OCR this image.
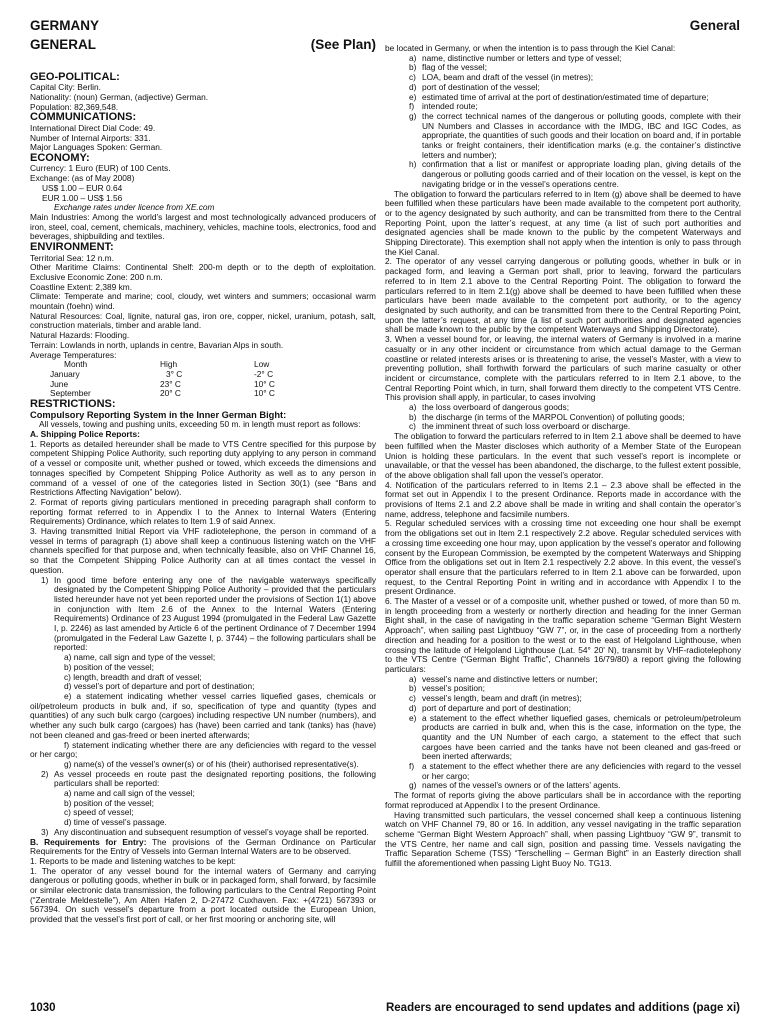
GERMANY	General
GENERAL	(See Plan)
GEO-POLITICAL:

Capital City: Berlin.

Nationality: (noun) German, (adjective) German.

Population: 82,369,548.

COMMUNICATIONS:

International Direct Dial Code: 49.

Number of Internal Airports: 331.

Major Languages Spoken: German.

ECONOMY:

Currency: 1 Euro (EUR) of 100 Cents.

Exchange: (as of May 2008)

US$ 1.00 – EUR 0.64

EUR 1.00 – US$ 1.56

Exchange rates under licence from XE.com

Main Industries: Among the world’s largest and most technologically advanced producers of iron, steel, coal, cement, chemicals, machinery, vehicles, machine tools, electronics, food and beverages, shipbuilding and textiles.

ENVIRONMENT:

Territorial Sea: 12 n.m.

Other Maritime Claims: Continental Shelf: 200-m depth or to the depth of exploitation. Exclusive Economic Zone: 200 n.m.

Coastline Extent: 2,389 km.

Climate: Temperate and marine; cool, cloudy, wet winters and summers; occasional warm mountain (foehn) wind.

Natural Resources: Coal, lignite, natural gas, iron ore, copper, nickel, uranium, potash, salt, construction materials, timber and arable land.

Natural Hazards: Flooding.

Terrain: Lowlands in north, uplands in centre, Bavarian Alps in south.

Average Temperatures:

Month	High	Low
January	3° C	-2° C
June	23° C	10° C
September	20° C	10° C
RESTRICTIONS:

Compulsory Reporting System in the Inner German Bight:

All vessels, towing and pushing units, exceeding 50 m. in length must report as follows:

A. Shipping Police Reports:

1. Reports as detailed hereunder shall be made to VTS Centre specified for this purpose by competent Shipping Police Authority, such reporting duty applying to any person in command of a vessel or composite unit, whether pushed or towed, which exceeds the dimensions and tonnages specified by Competent Shipping Police Authority as well as to any person in command of a vessel of one of the categories listed in Section 30(1) (see “Bans and Restrictions Affecting Navigation” below).

2. Format of reports giving particulars mentioned in preceding paragraph shall conform to reporting format referred to in Appendix I to the Annex to Internal Waters (Entering Requirements) Ordinance, which relates to Item 1.9 of said Annex.

3. Having transmitted Initial Report via VHF radiotelephone, the person in command of a vessel in terms of paragraph (1) above shall keep a continuous listening watch on the VHF channels specified for that purpose and, when technically feasible, also on VHF Channel 16, so that the Competent Shipping Police Authority can at all times contact the vessel in question.

1) In good time before entering any one of the navigable waterways specifically designated by the Competent Shipping Police Authority – provided that the particulars listed hereunder have not yet been reported under the provisions of Section 1(1) above in conjunction with Item 2.6 of the Annex to the Internal Waters (Entering Requirements) Ordinance of 23 August 1994 (promulgated in the Federal Law Gazette I, p. 2246) as last amended by Article 6 of the pertinent Ordinance of 7 December 1994 (promulgated in the Federal Law Gazette I, p. 3744) – the following particulars shall be reported:

a) name, call sign and type of the vessel;

b) position of the vessel;

c) length, breadth and draft of vessel;

d) vessel’s port of departure and port of destination;

e) a statement indicating whether vessel carries liquefied gases, chemicals or oil/petroleum products in bulk and, if so, specification of type and quantity (types and quantities) of any such bulk cargo (cargoes) including respective UN number (numbers), and whether any such bulk cargo (cargoes) has (have) been carried and tank (tanks) has (have) not been cleaned and gas-freed or been inerted afterwards;

f) statement indicating whether there are any deficiencies with regard to the vessel or her cargo;

g) name(s) of the vessel’s owner(s) or of his (their) authorised representative(s).

2) As vessel proceeds en route past the designated reporting positions, the following particulars shall be reported:

a) name and call sign of the vessel;

b) position of the vessel;

c) speed of vessel;

d) time of vessel’s passage.

3) Any discontinuation and subsequent resumption of vessel’s voyage shall be reported.

B. Requirements for Entry: The provisions of the German Ordinance on Particular Requirements for the Entry of Vessels into German Internal Waters are to be observed.

1. Reports to be made and listening watches to be kept:

1. The operator of any vessel bound for the internal waters of Germany and carrying dangerous or polluting goods, whether in bulk or in packaged form, shall forward, by facsimile or similar electronic data transmission, the following particulars to the Central Reporting Point (“Zentrale Meldestelle”), Am Alten Hafen 2, D-27472 Cuxhaven. Fax: +(4721) 567393 or 567394. On such vessel’s departure from a port located outside the European Union, provided that the vessel’s first port of call, or her first mooring or anchoring site, will

be located in Germany, or when the intention is to pass through the Kiel Canal:

a) name, distinctive number or letters and type of vessel;
b) flag of the vessel;
c) LOA, beam and draft of the vessel (in metres);
d) port of destination of the vessel;
e) estimated time of arrival at the port of destination/estimated time of departure;
f) intended route;
g) the correct technical names of the dangerous or polluting goods, complete with their UN Numbers and Classes in accordance with the IMDG, IBC and IGC Codes, as appropriate, the quantities of such goods and their location on board and, if in portable tanks or freight containers, their identification marks (e.g. the container’s distinctive letters and number);
h) confirmation that a list or manifest or appropriate loading plan, giving details of the dangerous or polluting goods carried and of their location on the vessel, is kept on the navigating bridge or in the vessel’s operations centre.

The obligation to forward the particulars referred to in Item (g) above shall be deemed to have been fulfilled when these particulars have been made available to the competent port authority, or to the agency designated by such authority, and can be transmitted from there to the Central Reporting Point, upon the latter’s request, at any time (a list of such port authorities and designated agencies shall be made known to the public by the competent Waterways and Shipping Directorate). This exemption shall not apply when the intention is only to pass through the Kiel Canal.

2. The operator of any vessel carrying dangerous or polluting goods, whether in bulk or in packaged form, and leaving a German port shall, prior to leaving, forward the particulars referred to in Item 2.1 above to the Central Reporting Point. The obligation to forward the particulars referred to in Item 2.1(g) above shall be deemed to have been fulfilled when these particulars have been made available to the competent port authority, or to the agency designated by such authority, and can be transmitted from there to the Central Reporting Point, upon the latter’s request, at any time (a list of such port authorities and designated agencies shall be made known to the public by the competent Waterways and Shipping Directorate).

3. When a vessel bound for, or leaving, the internal waters of Germany is involved in a marine casualty or in any other incident or circumstance from which actual damage to the German coastline or related interests arises or is threatening to arise, the vessel’s Master, with a view to preventing pollution, shall forthwith forward the particulars of such marine casualty or other incident or circumstance, complete with the particulars referred to in Item 2.1 above, to the Central Reporting Point which, in turn, shall forward them directly to the competent VTS Centre. This provision shall apply, in particular, to cases involving

a) the loss overboard of dangerous goods;
b) the discharge (in terms of the MARPOL Convention) of polluting goods;
c) the imminent threat of such loss overboard or discharge.

The obligation to forward the particulars referred to in Item 2.1 above shall be deemed to have been fulfilled when the Master discloses which authority of a Member State of the European Union is holding these particulars. In the event that such vessel’s report is incomplete or unavailable, or that the vessel has been abandoned, the discharge, to the fullest extent possible, of the above obligation shall fall upon the vessel’s operator.

4. Notification of the particulars referred to in Items 2.1 – 2.3 above shall be effected in the format set out in Appendix I to the present Ordinance. Reports made in accordance with the provisions of Items 2.1 and 2.2 above shall be made in writing and shall contain the operator’s name, address, telephone and facsimile numbers.

5. Regular scheduled services with a crossing time not exceeding one hour shall be exempt from the obligations set out in Item 2.1 respectively 2.2 above. Regular scheduled services with a crossing time exceeding one hour may, upon application by the vessel’s operator and following consent by the European Commission, be exempted by the competent Waterways and Shipping Office from the obligations set out in Item 2.1 respectively 2.2 above. In this event, the vessel’s operator shall ensure that the particulars referred to in Item 2.1 above can be forwarded, upon request, to the Central Reporting Point in writing and in accordance with Appendix I to the present Ordinance.

6. The Master of a vessel or of a composite unit, whether pushed or towed, of more than 50 m. in length proceeding from a westerly or northerly direction and heading for the inner German Bight shall, in the case of navigating in the traffic separation scheme “German Bight Western Approach”, when sailing past Lightbuoy “GW 7”, or, in the case of proceeding from a northerly direction and heading for a position to the west or to the east of Helgoland Lighthouse, when crossing the latitude of Helgoland Lighthouse (Lat. 54° 20' N), transmit by VHF-radiotelephony to the VTS Centre (“German Bight Traffic”, Channels 16/79/80) a report giving the following particulars:

a) vessel’s name and distinctive letters or number;
b) vessel’s position;
c) vessel’s length, beam and draft (in metres);
d) port of departure and port of destination;
e) a statement to the effect whether liquefied gases, chemicals or petroleum/petroleum products are carried in bulk and, when this is the case, information on the type, the quantity and the UN Number of each cargo, a statement to the effect that such cargoes have been carried and the tanks have not been cleaned and gas-freed or been inerted afterwards;
f) a statement to the effect whether there are any deficiencies with regard to the vessel or her cargo;
g) names of the vessel’s owners or of the latters’ agents.

The format of reports giving the above particulars shall be in accordance with the reporting format reproduced at Appendix I to the present Ordinance.

Having transmitted such particulars, the vessel concerned shall keep a continuous listening watch on VHF Channel 79, 80 or 16. In addition, any vessel navigating in the traffic separation scheme “German Bight Western Approach” shall, when passing Lightbuoy “GW 9”, transmit to the VTS Centre, her name and call sign, position and passing time. Vessels navigating the Traffic Separation Scheme (TSS) “Terschelling – German Bight” in an Easterly direction shall fulfill the aforementioned when passing Light Buoy No. TG13.

1030	Readers are encouraged to send updates and additions (page xi)
